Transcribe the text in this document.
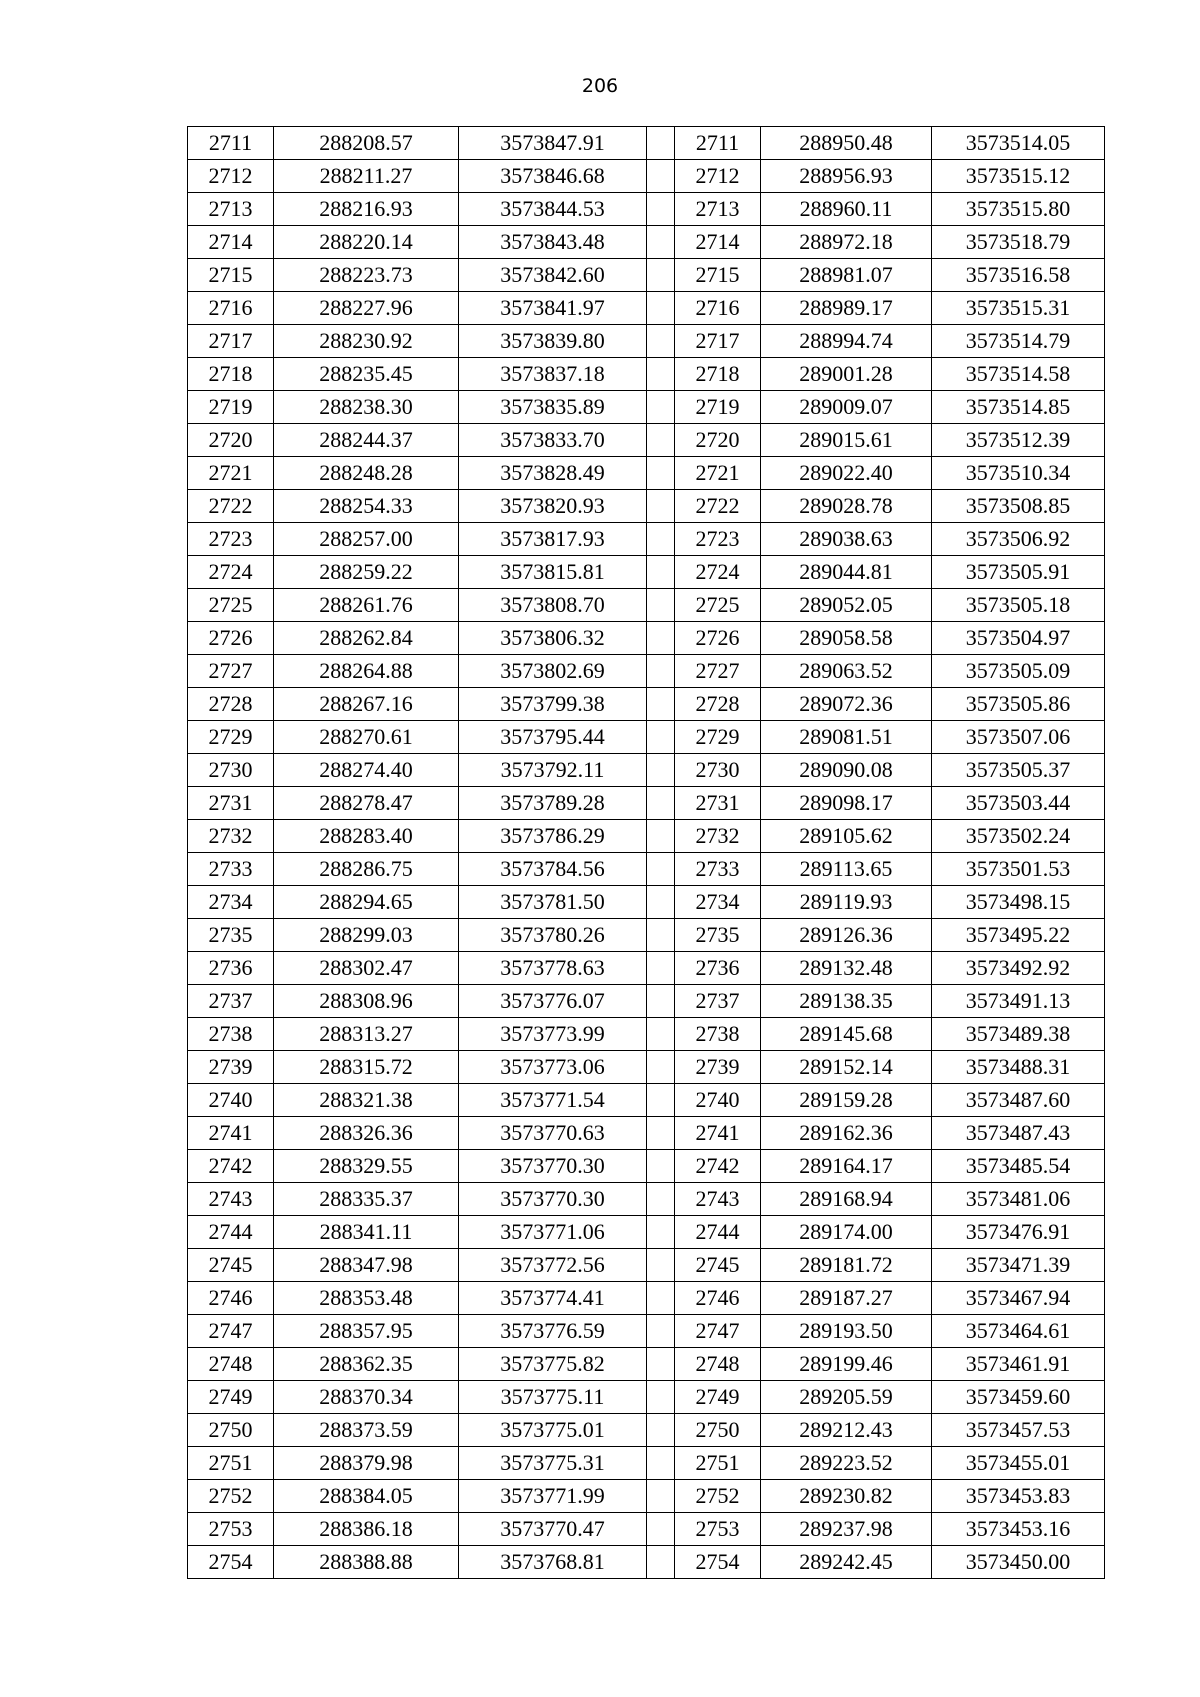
206
2711	288208.57	3573847.91		2711	288950.48	3573514.05
2712	288211.27	3573846.68		2712	288956.93	3573515.12
2713	288216.93	3573844.53		2713	288960.11	3573515.80
2714	288220.14	3573843.48		2714	288972.18	3573518.79
2715	288223.73	3573842.60		2715	288981.07	3573516.58
2716	288227.96	3573841.97		2716	288989.17	3573515.31
2717	288230.92	3573839.80		2717	288994.74	3573514.79
2718	288235.45	3573837.18		2718	289001.28	3573514.58
2719	288238.30	3573835.89		2719	289009.07	3573514.85
2720	288244.37	3573833.70		2720	289015.61	3573512.39
2721	288248.28	3573828.49		2721	289022.40	3573510.34
2722	288254.33	3573820.93		2722	289028.78	3573508.85
2723	288257.00	3573817.93		2723	289038.63	3573506.92
2724	288259.22	3573815.81		2724	289044.81	3573505.91
2725	288261.76	3573808.70		2725	289052.05	3573505.18
2726	288262.84	3573806.32		2726	289058.58	3573504.97
2727	288264.88	3573802.69		2727	289063.52	3573505.09
2728	288267.16	3573799.38		2728	289072.36	3573505.86
2729	288270.61	3573795.44		2729	289081.51	3573507.06
2730	288274.40	3573792.11		2730	289090.08	3573505.37
2731	288278.47	3573789.28		2731	289098.17	3573503.44
2732	288283.40	3573786.29		2732	289105.62	3573502.24
2733	288286.75	3573784.56		2733	289113.65	3573501.53
2734	288294.65	3573781.50		2734	289119.93	3573498.15
2735	288299.03	3573780.26		2735	289126.36	3573495.22
2736	288302.47	3573778.63		2736	289132.48	3573492.92
2737	288308.96	3573776.07		2737	289138.35	3573491.13
2738	288313.27	3573773.99		2738	289145.68	3573489.38
2739	288315.72	3573773.06		2739	289152.14	3573488.31
2740	288321.38	3573771.54		2740	289159.28	3573487.60
2741	288326.36	3573770.63		2741	289162.36	3573487.43
2742	288329.55	3573770.30		2742	289164.17	3573485.54
2743	288335.37	3573770.30		2743	289168.94	3573481.06
2744	288341.11	3573771.06		2744	289174.00	3573476.91
2745	288347.98	3573772.56		2745	289181.72	3573471.39
2746	288353.48	3573774.41		2746	289187.27	3573467.94
2747	288357.95	3573776.59		2747	289193.50	3573464.61
2748	288362.35	3573775.82		2748	289199.46	3573461.91
2749	288370.34	3573775.11		2749	289205.59	3573459.60
2750	288373.59	3573775.01		2750	289212.43	3573457.53
2751	288379.98	3573775.31		2751	289223.52	3573455.01
2752	288384.05	3573771.99		2752	289230.82	3573453.83
2753	288386.18	3573770.47		2753	289237.98	3573453.16
2754	288388.88	3573768.81		2754	289242.45	3573450.00
